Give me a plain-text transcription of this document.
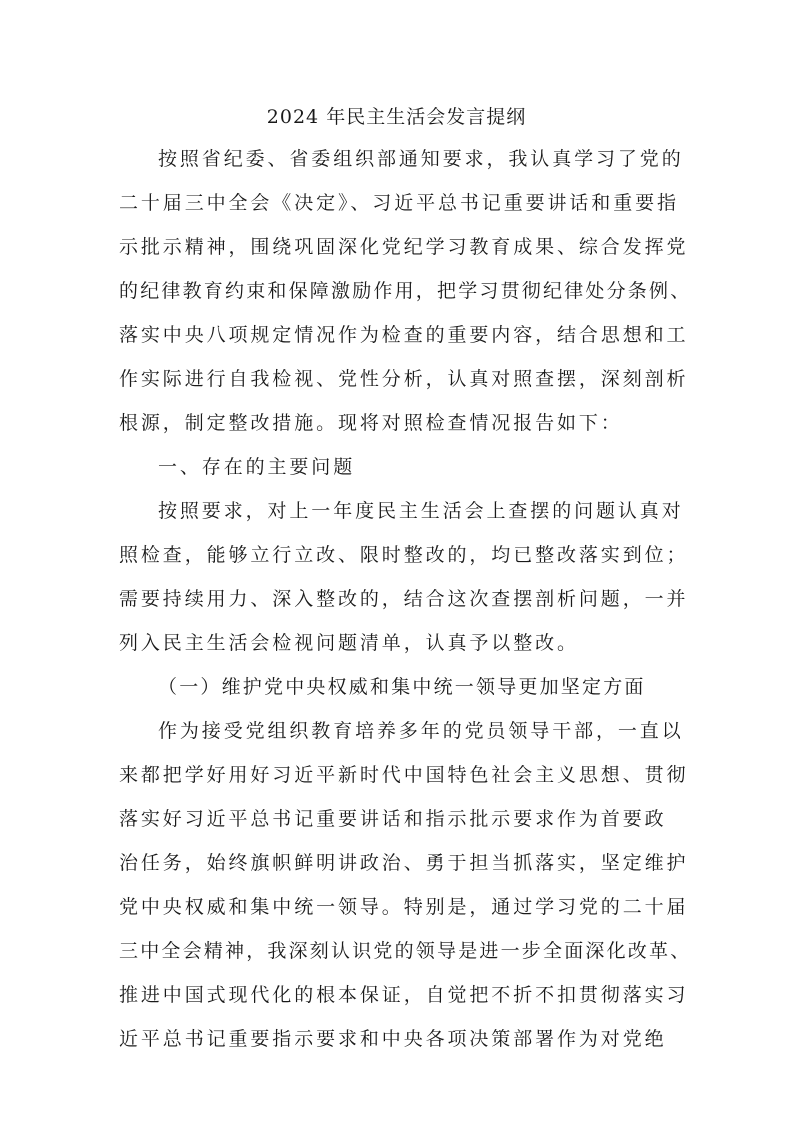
2024 年民主生活会发言提纲
按照省纪委、省委组织部通知要求，我认真学习了党的
二十届三中全会《决定》、习近平总书记重要讲话和重要指
示批示精神，围绕巩固深化党纪学习教育成果、综合发挥党
的纪律教育约束和保障激励作用，把学习贯彻纪律处分条例、
落实中央八项规定情况作为检查的重要内容，结合思想和工
作实际进行自我检视、党性分析，认真对照查摆，深刻剖析
根源，制定整改措施。现将对照检查情况报告如下：
一、存在的主要问题
按照要求，对上一年度民主生活会上查摆的问题认真对
照检查，能够立行立改、限时整改的，均已整改落实到位；
需要持续用力、深入整改的，结合这次查摆剖析问题，一并
列入民主生活会检视问题清单，认真予以整改。
（一）维护党中央权威和集中统一领导更加坚定方面
作为接受党组织教育培养多年的党员领导干部，一直以
来都把学好用好习近平新时代中国特色社会主义思想、贯彻
落实好习近平总书记重要讲话和指示批示要求作为首要政
治任务，始终旗帜鲜明讲政治、勇于担当抓落实，坚定维护
党中央权威和集中统一领导。特别是，通过学习党的二十届
三中全会精神，我深刻认识党的领导是进一步全面深化改革、
推进中国式现代化的根本保证，自觉把不折不扣贯彻落实习
近平总书记重要指示要求和中央各项决策部署作为对党绝
